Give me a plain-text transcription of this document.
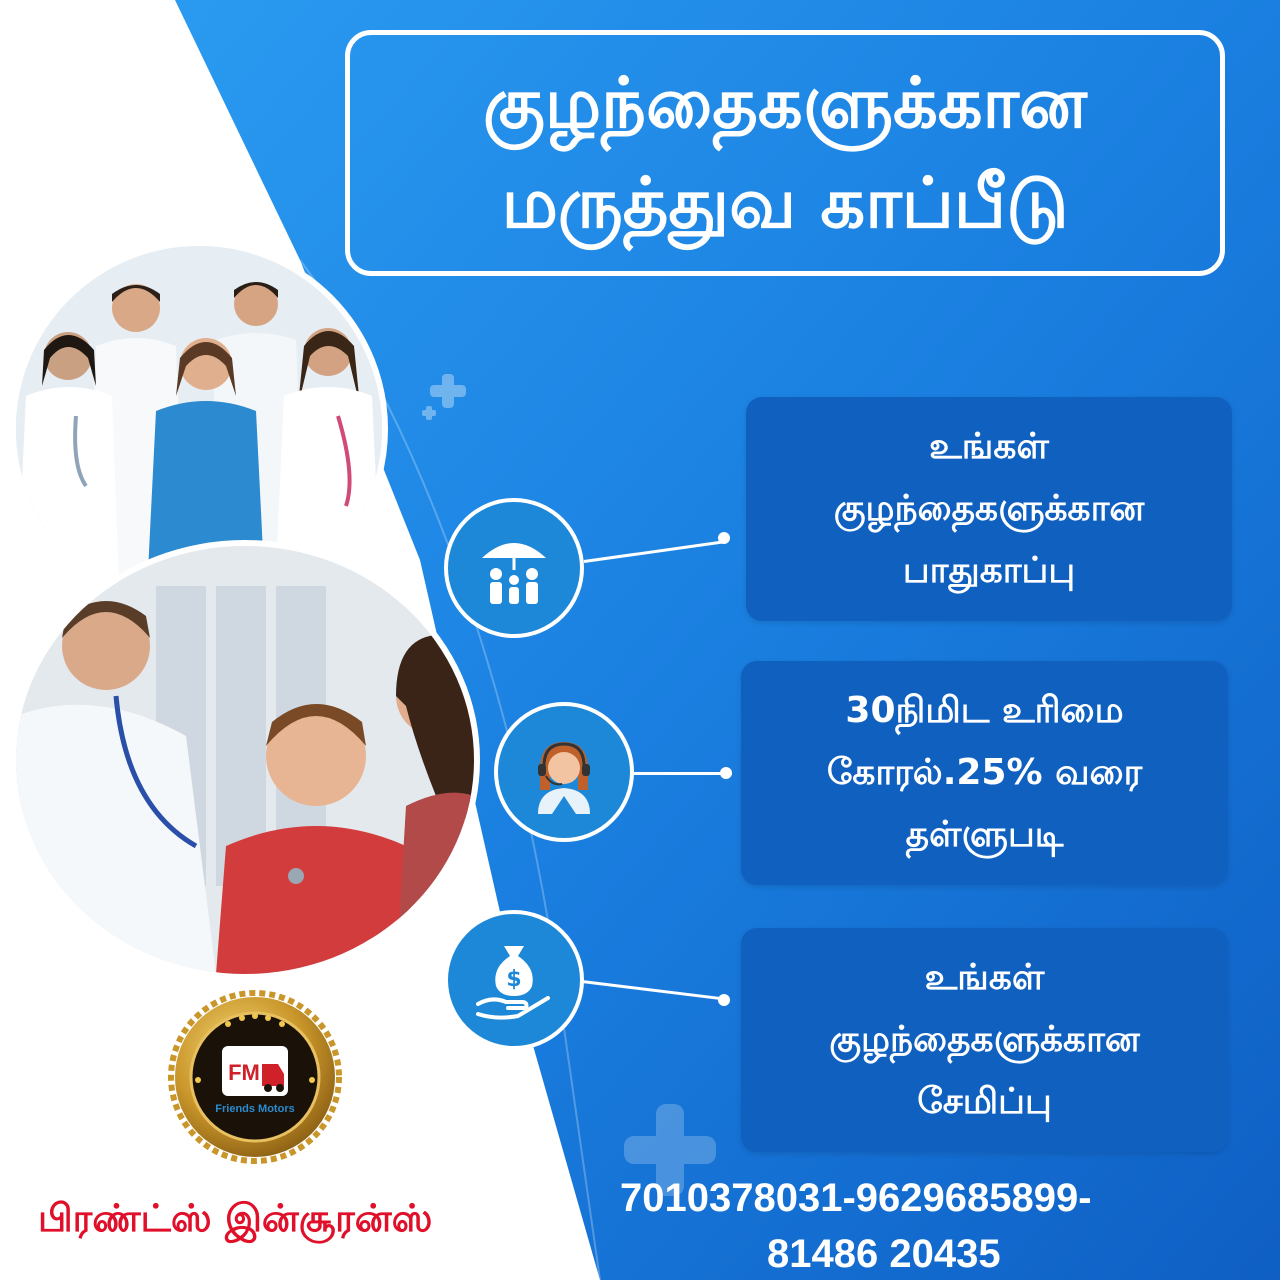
குழந்தைகளுக்கான
மருத்துவ காப்பீடு
$
உங்கள்
குழந்தைகளுக்கான
பாதுகாப்பு
30நிமிட உரிமை
கோரல்.25% வரை
தள்ளுபடி
உங்கள்
குழந்தைகளுக்கான
சேமிப்பு
FM
Friends Motors
பிரண்ட்ஸ் இன்சூரன்ஸ்	7010378031-9629685899-
81486 20435
